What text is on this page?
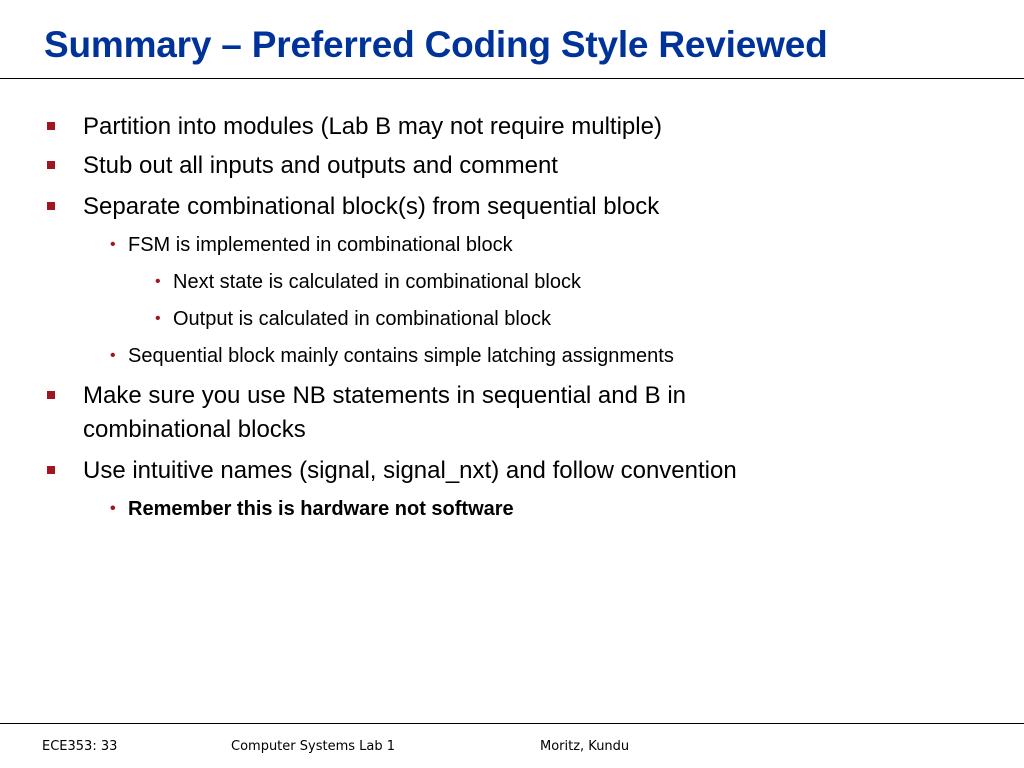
Summary – Preferred Coding Style Reviewed
Partition into modules (Lab B may not require multiple)
Stub out all inputs and outputs and comment
Separate combinational block(s) from sequential block
• FSM is implemented in combinational block
• Next state is calculated in combinational block
• Output is calculated in combinational block
• Sequential block mainly contains simple latching assignments
Make sure you use NB statements in sequential and B in combinational blocks
Use intuitive names (signal, signal_nxt) and follow convention
• Remember this is hardware not software
ECE353: 33	Computer Systems Lab 1	Moritz, Kundu
